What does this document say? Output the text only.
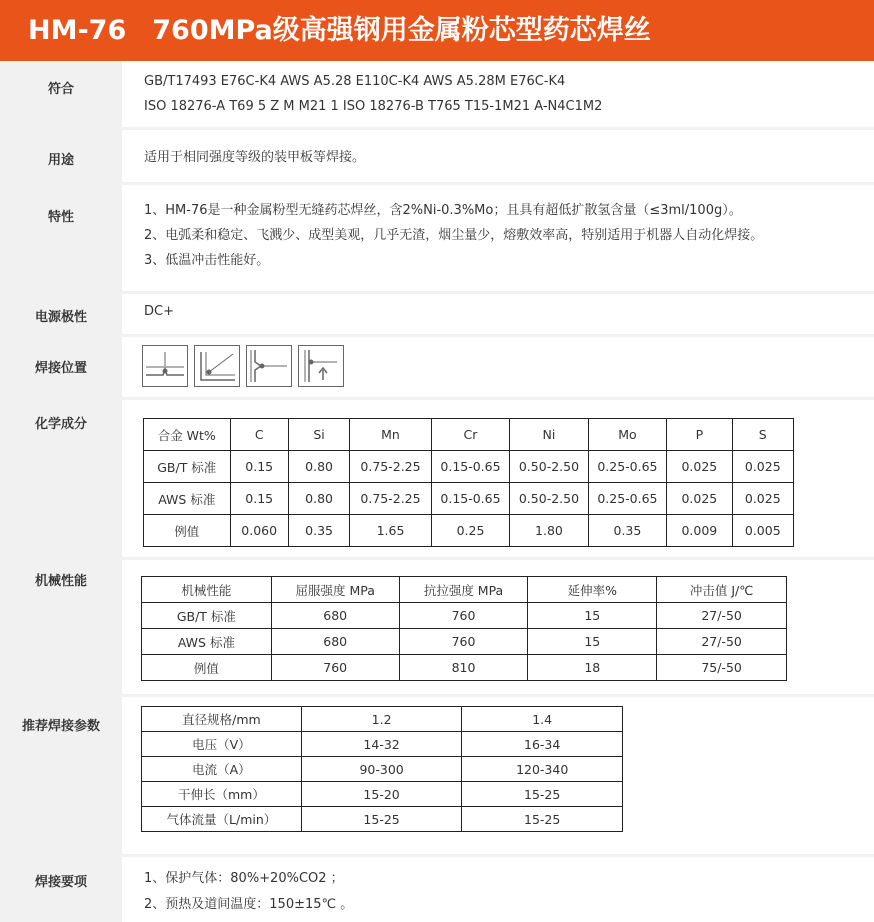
HM-76 760MPa级高强钢用金属粉芯型药芯焊丝
符合
GB/T17493 E76C-K4 AWS A5.28 E110C-K4 AWS A5.28M E76C-K4
ISO 18276-A T69 5 Z M M21 1 ISO 18276-B T765 T15-1M21 A-N4C1M2
用途	适用于相同强度等级的装甲板等焊接。
特性	1、HM-76是一种金属粉型无缝药芯焊丝，含2%Ni-0.3%Mo；且具有超低扩散氢含量（≤3ml/100g）。
2、电弧柔和稳定、飞溅少、成型美观，几乎无渣，烟尘量少，熔敷效率高，特别适用于机器人自动化焊接。
3、低温冲击性能好。
电源极性	DC+
焊接位置
化学成分
合金 Wt%	C	Si	Mn	Cr	Ni	Mo	P	S
GB/T 标准	0.15	0.80	0.75-2.25	0.15-0.65	0.50-2.50	0.25-0.65	0.025	0.025
AWS 标准	0.15	0.80	0.75-2.25	0.15-0.65	0.50-2.50	0.25-0.65	0.025	0.025
例值	0.060	0.35	1.65	0.25	1.80	0.35	0.009	0.005
机械性能
机械性能	屈服强度 MPa	抗拉强度 MPa	延伸率%	冲击值 J/℃
GB/T 标准	680	760	15	27/-50
AWS 标准	680	760	15	27/-50
例值	760	810	18	75/-50
推荐焊接参数	直径规格/mm	1.2	1.4
电压（V）	14-32	16-34
电流（A）	90-300	120-340
干伸长（mm）	15-20	15-25
气体流量（L/min）	15-25	15-25
焊接要项	1、保护气体：80%+20%CO2 ；
2、预热及道间温度：150±15℃ 。
